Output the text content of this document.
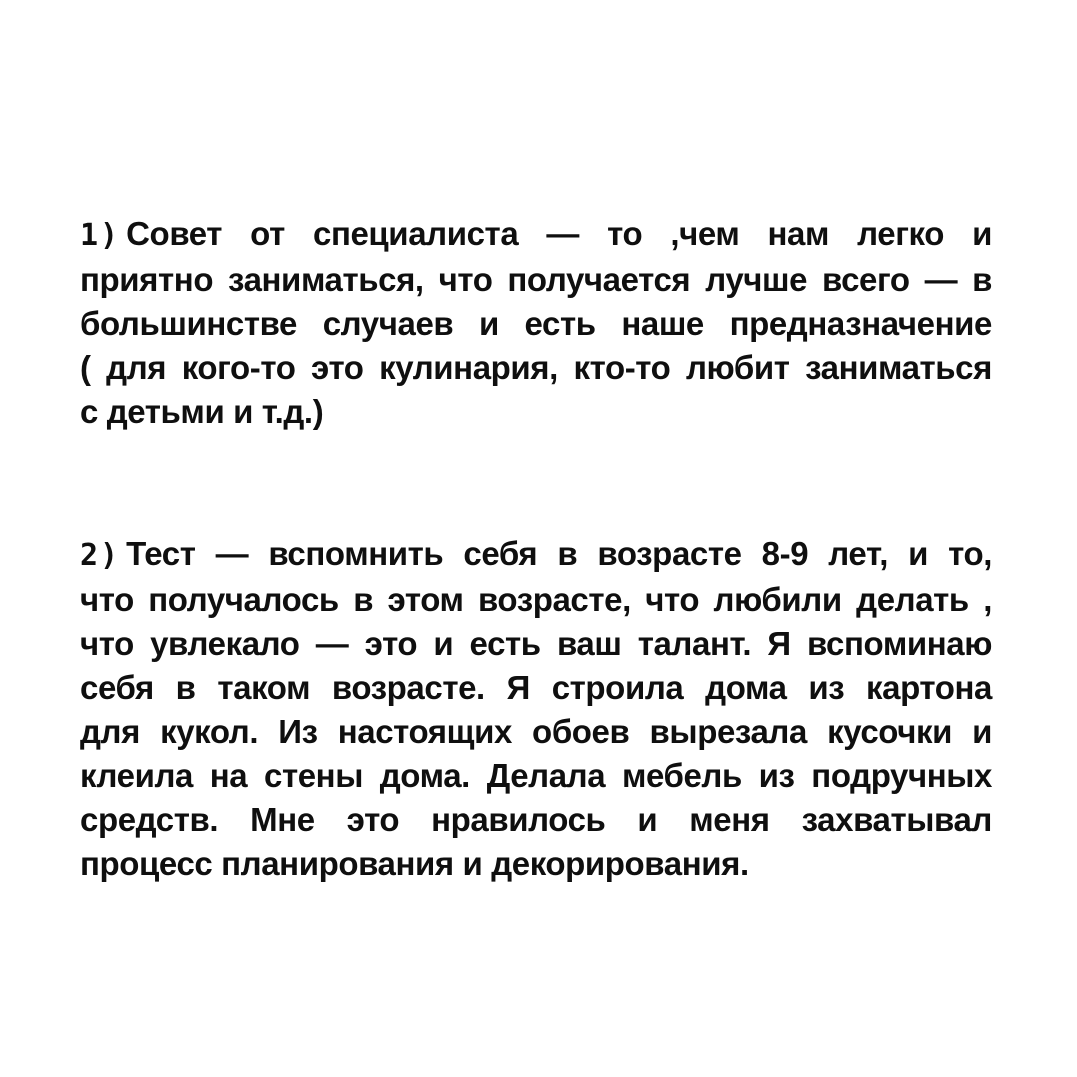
1) Совет от специалиста — то ,чем нам легко и
приятно заниматься, что получается лучше всего — в
большинстве случаев и есть наше предназначение
( для кого-то это кулинария, кто-то любит заниматься
с детьми и т.д.)
2) Тест — вспомнить себя в возрасте 8-9 лет, и то,
что получалось в этом возрасте, что любили делать ,
что увлекало — это и есть ваш талант. Я вспоминаю
себя в таком возрасте. Я строила дома из картона
для кукол. Из настоящих обоев вырезала кусочки и
клеила на стены дома. Делала мебель из подручных
средств. Мне это нравилось и меня захватывал
процесс планирования и декорирования.
